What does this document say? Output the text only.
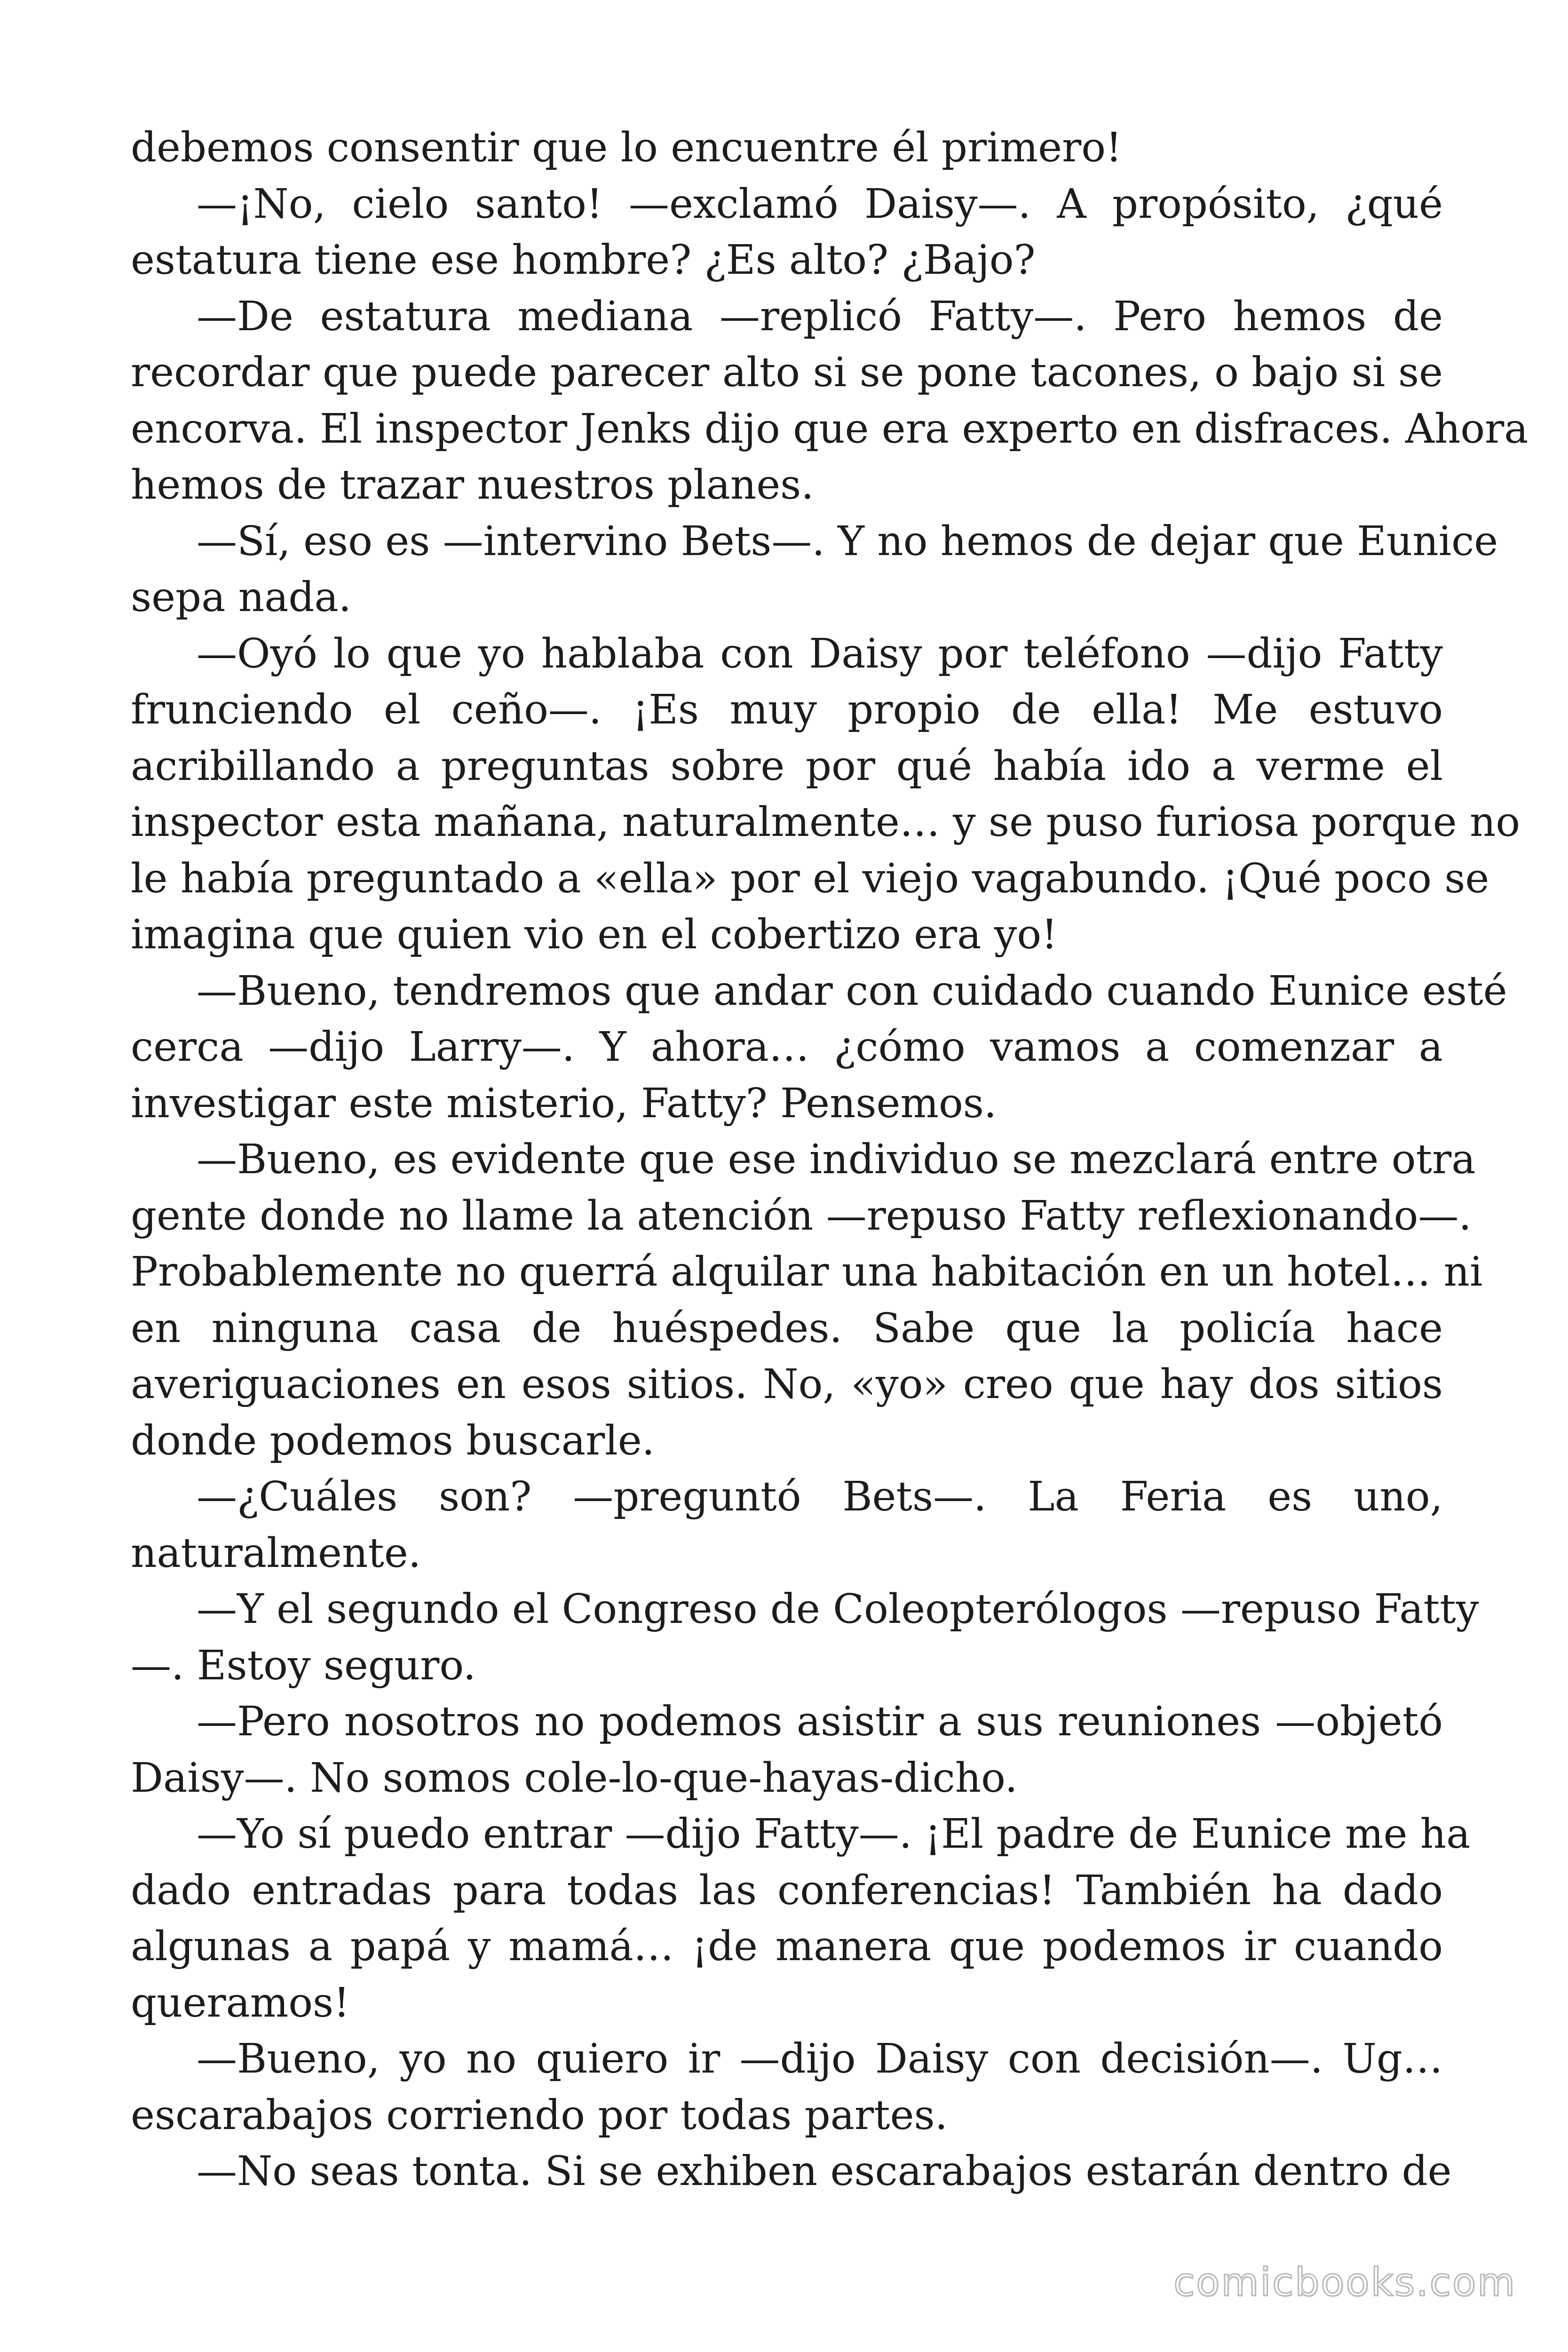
debemos consentir que lo encuentre él primero!
—¡No, cielo santo! —exclamó Daisy—. A propósito, ¿qué
estatura tiene ese hombre? ¿Es alto? ¿Bajo?
—De estatura mediana —replicó Fatty—. Pero hemos de
recordar que puede parecer alto si se pone tacones, o bajo si se
encorva. El inspector Jenks dijo que era experto en disfraces. Ahora
hemos de trazar nuestros planes.
—Sí, eso es —intervino Bets—. Y no hemos de dejar que Eunice
sepa nada.
—Oyó lo que yo hablaba con Daisy por teléfono —dijo Fatty
frunciendo el ceño—. ¡Es muy propio de ella! Me estuvo
acribillando a preguntas sobre por qué había ido a verme el
inspector esta mañana, naturalmente… y se puso furiosa porque no
le había preguntado a «ella» por el viejo vagabundo. ¡Qué poco se
imagina que quien vio en el cobertizo era yo!
—Bueno, tendremos que andar con cuidado cuando Eunice esté
cerca —dijo Larry—. Y ahora… ¿cómo vamos a comenzar a
investigar este misterio, Fatty? Pensemos.
—Bueno, es evidente que ese individuo se mezclará entre otra
gente donde no llame la atención —repuso Fatty reflexionando—.
Probablemente no querrá alquilar una habitación en un hotel… ni
en ninguna casa de huéspedes. Sabe que la policía hace
averiguaciones en esos sitios. No, «yo» creo que hay dos sitios
donde podemos buscarle.
—¿Cuáles son? —preguntó Bets—. La Feria es uno,
naturalmente.
—Y el segundo el Congreso de Coleopterólogos —repuso Fatty
—. Estoy seguro.
—Pero nosotros no podemos asistir a sus reuniones —objetó
Daisy—. No somos cole-lo-que-hayas-dicho.
—Yo sí puedo entrar —dijo Fatty—. ¡El padre de Eunice me ha
dado entradas para todas las conferencias! También ha dado
algunas a papá y mamá… ¡de manera que podemos ir cuando
queramos!
—Bueno, yo no quiero ir —dijo Daisy con decisión—. Ug…
escarabajos corriendo por todas partes.
—No seas tonta. Si se exhiben escarabajos estarán dentro de
comicbooks.com
